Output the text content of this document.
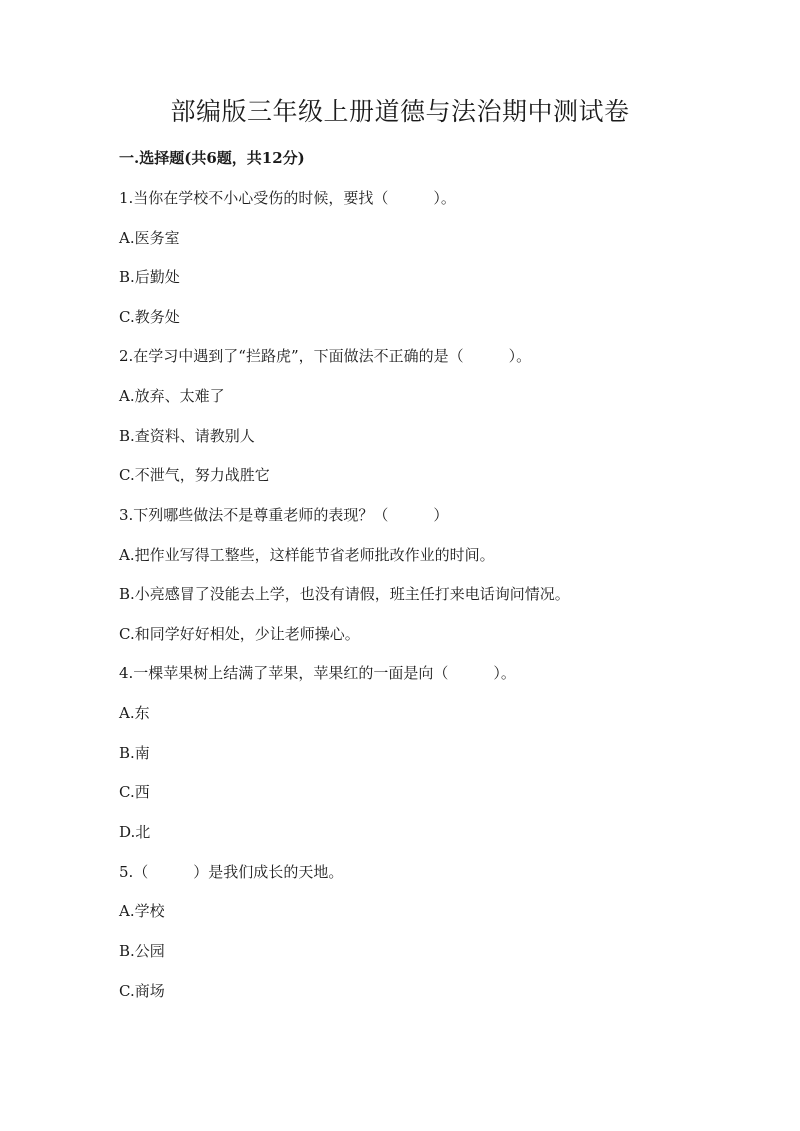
部编版三年级上册道德与法治期中测试卷
一.选择题(共6题，共12分)
1.当你在学校不小心受伤的时候，要找（　　　）。
A.医务室
B.后勤处
C.教务处
2.在学习中遇到了“拦路虎”，下面做法不正确的是（　　　）。
A.放弃、太难了
B.查资料、请教别人
C.不泄气，努力战胜它
3.下列哪些做法不是尊重老师的表现？（　　　）
A.把作业写得工整些，这样能节省老师批改作业的时间。
B.小亮感冒了没能去上学，也没有请假，班主任打来电话询问情况。
C.和同学好好相处，少让老师操心。
4.一棵苹果树上结满了苹果，苹果红的一面是向（　　　）。
A.东
B.南
C.西
D.北
5.（　　　）是我们成长的天地。
A.学校
B.公园
C.商场
